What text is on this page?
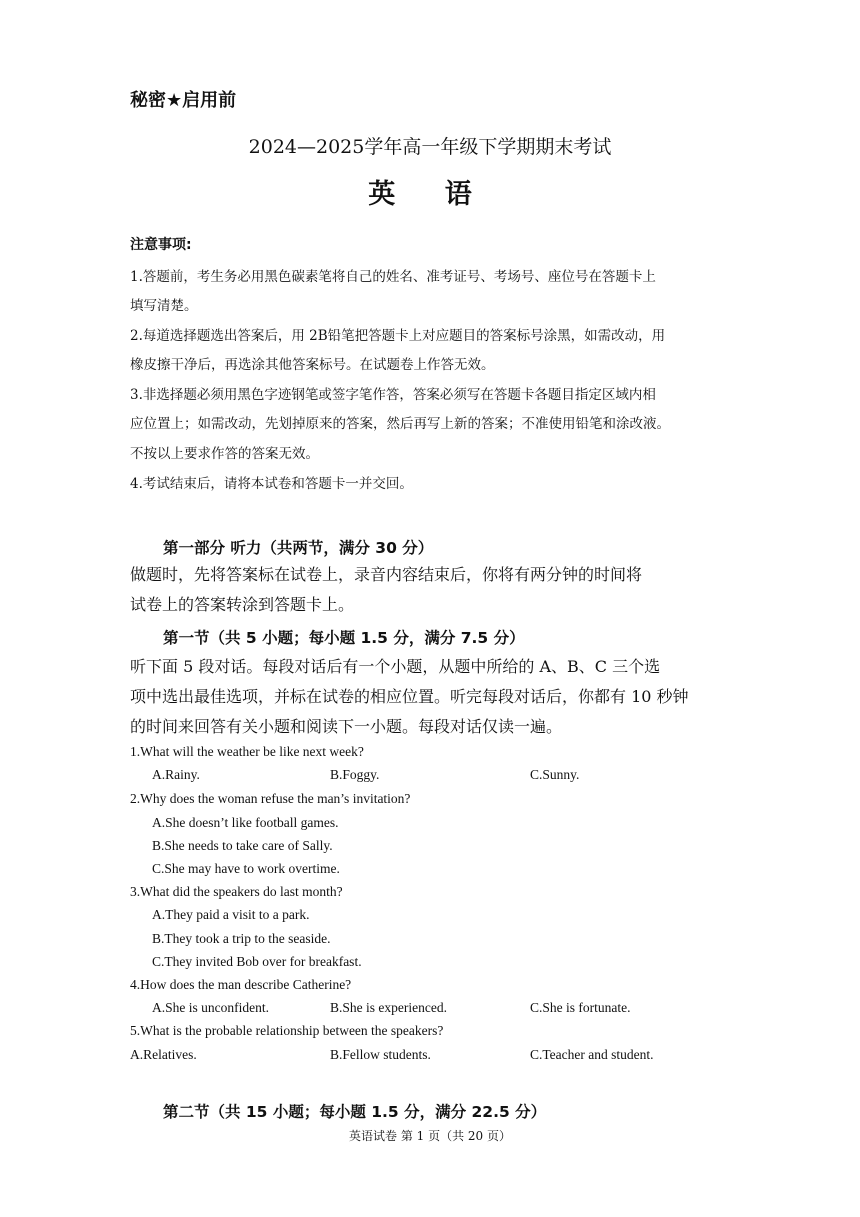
秘密★启用前
2024—2025学年高一年级下学期期末考试
英 语
注意事项:
1.答题前，考生务必用黑色碳素笔将自己的姓名、准考证号、考场号、座位号在答题卡上
填写清楚。
2.每道选择题选出答案后，用 2B铅笔把答题卡上对应题目的答案标号涂黑，如需改动，用
橡皮擦干净后，再选涂其他答案标号。在试题卷上作答无效。
3.非选择题必须用黑色字迹钢笔或签字笔作答，答案必须写在答题卡各题目指定区域内相
应位置上；如需改动，先划掉原来的答案，然后再写上新的答案；不准使用铅笔和涂改液。
不按以上要求作答的答案无效。
4.考试结束后，请将本试卷和答题卡一并交回。
第一部分 听力（共两节，满分 30 分）
做题时，先将答案标在试卷上，录音内容结束后，你将有两分钟的时间将
试卷上的答案转涂到答题卡上。
第一节（共 5 小题；每小题 1.5 分，满分 7.5 分）
听下面 5 段对话。每段对话后有一个小题，从题中所给的 A、B、C 三个选
项中选出最佳选项，并标在试卷的相应位置。听完每段对话后，你都有 10 秒钟
的时间来回答有关小题和阅读下一小题。每段对话仅读一遍。
1.What will the weather be like next week?
A.Rainy.	B.Foggy.	C.Sunny.
2.Why does the woman refuse the man’s invitation?
A.She doesn’t like football games.
B.She needs to take care of Sally.
C.She may have to work overtime.
3.What did the speakers do last month?
A.They paid a visit to a park.
B.They took a trip to the seaside.
C.They invited Bob over for breakfast.
4.How does the man describe Catherine?
A.She is unconfident.	B.She is experienced.	C.She is fortunate.
5.What is the probable relationship between the speakers?
A.Relatives.	B.Fellow students.	C.Teacher and student.
第二节（共 15 小题；每小题 1.5 分，满分 22.5 分）
英语试卷 第 1 页（共 20 页）
